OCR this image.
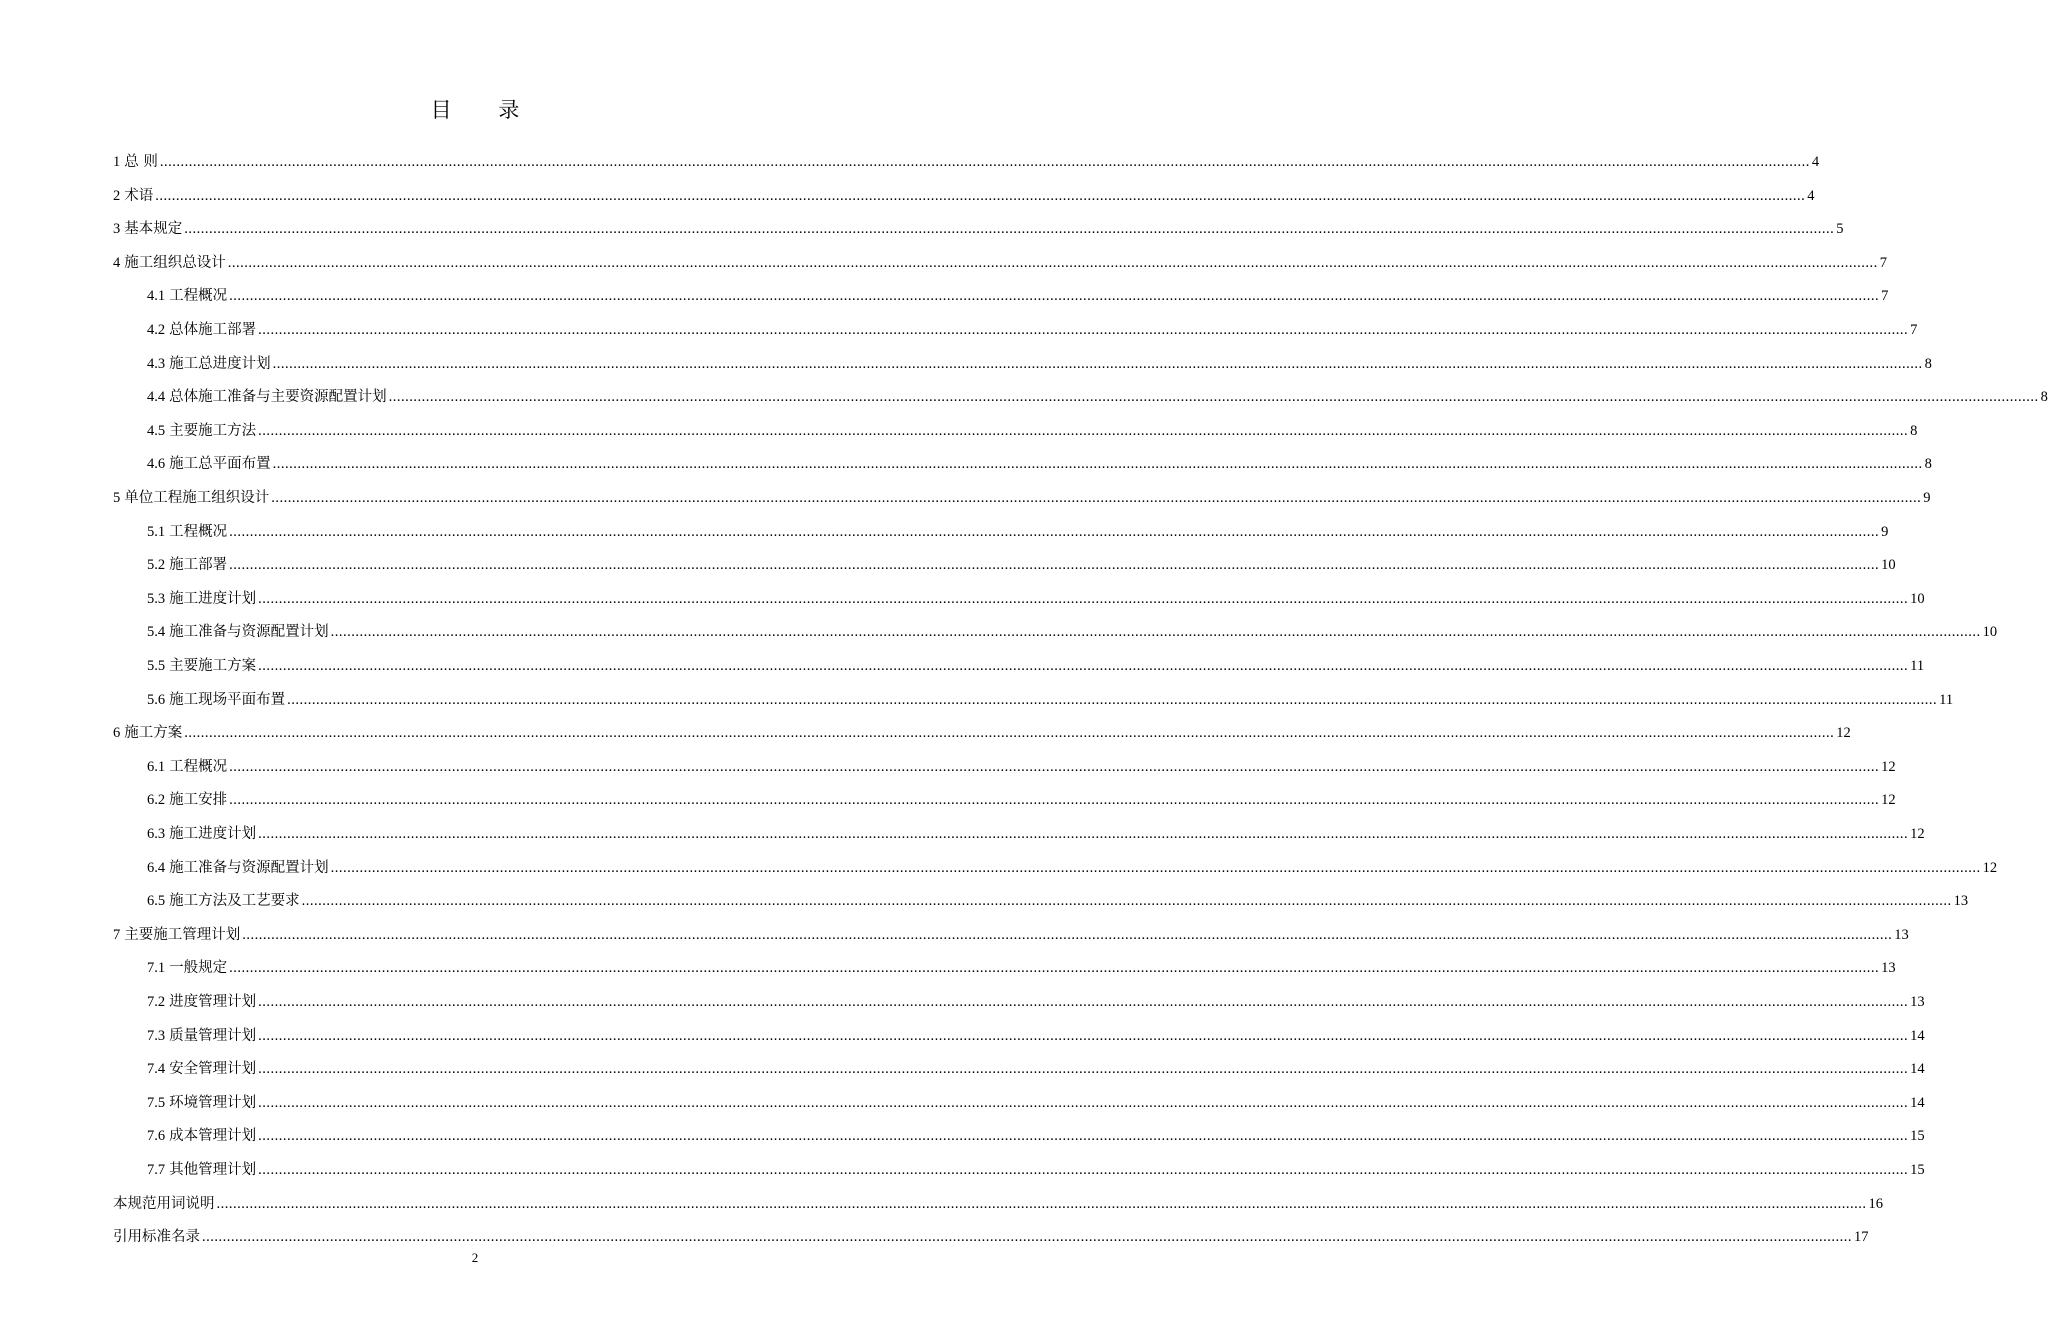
目 录
1 总 则 ................................................................................................................................................................................................................................................................................................................................................................................................................ 4
2 术语 ................................................................................................................................................................................................................................................................................................................................................................................................................ 4
3 基本规定 ................................................................................................................................................................................................................................................................................................................................................................................................................ 5
4 施工组织总设计 ................................................................................................................................................................................................................................................................................................................................................................................................................ 7
4.1 工程概况 ................................................................................................................................................................................................................................................................................................................................................................................................................ 7
4.2 总体施工部署 ................................................................................................................................................................................................................................................................................................................................................................................................................ 7
4.3 施工总进度计划 ................................................................................................................................................................................................................................................................................................................................................................................................................ 8
4.4 总体施工准备与主要资源配置计划 ................................................................................................................................................................................................................................................................................................................................................................................................................ 8
4.5 主要施工方法 ................................................................................................................................................................................................................................................................................................................................................................................................................ 8
4.6 施工总平面布置 ................................................................................................................................................................................................................................................................................................................................................................................................................ 8
5 单位工程施工组织设计 ................................................................................................................................................................................................................................................................................................................................................................................................................ 9
5.1 工程概况 ................................................................................................................................................................................................................................................................................................................................................................................................................ 9
5.2 施工部署 ................................................................................................................................................................................................................................................................................................................................................................................................................ 10
5.3 施工进度计划 ................................................................................................................................................................................................................................................................................................................................................................................................................ 10
5.4 施工准备与资源配置计划 ................................................................................................................................................................................................................................................................................................................................................................................................................ 10
5.5 主要施工方案 ................................................................................................................................................................................................................................................................................................................................................................................................................ 11
5.6 施工现场平面布置 ................................................................................................................................................................................................................................................................................................................................................................................................................ 11
6 施工方案 ................................................................................................................................................................................................................................................................................................................................................................................................................ 12
6.1 工程概况 ................................................................................................................................................................................................................................................................................................................................................................................................................ 12
6.2 施工安排 ................................................................................................................................................................................................................................................................................................................................................................................................................ 12
6.3 施工进度计划 ................................................................................................................................................................................................................................................................................................................................................................................................................ 12
6.4 施工准备与资源配置计划 ................................................................................................................................................................................................................................................................................................................................................................................................................ 12
6.5 施工方法及工艺要求 ................................................................................................................................................................................................................................................................................................................................................................................................................ 13
7 主要施工管理计划 ................................................................................................................................................................................................................................................................................................................................................................................................................ 13
7.1 一般规定 ................................................................................................................................................................................................................................................................................................................................................................................................................ 13
7.2 进度管理计划 ................................................................................................................................................................................................................................................................................................................................................................................................................ 13
7.3 质量管理计划 ................................................................................................................................................................................................................................................................................................................................................................................................................ 14
7.4 安全管理计划 ................................................................................................................................................................................................................................................................................................................................................................................................................ 14
7.5 环境管理计划 ................................................................................................................................................................................................................................................................................................................................................................................................................ 14
7.6 成本管理计划 ................................................................................................................................................................................................................................................................................................................................................................................................................ 15
7.7 其他管理计划 ................................................................................................................................................................................................................................................................................................................................................................................................................ 15
本规范用词说明 ................................................................................................................................................................................................................................................................................................................................................................................................................ 16
引用标准名录 ................................................................................................................................................................................................................................................................................................................................................................................................................ 17
2
